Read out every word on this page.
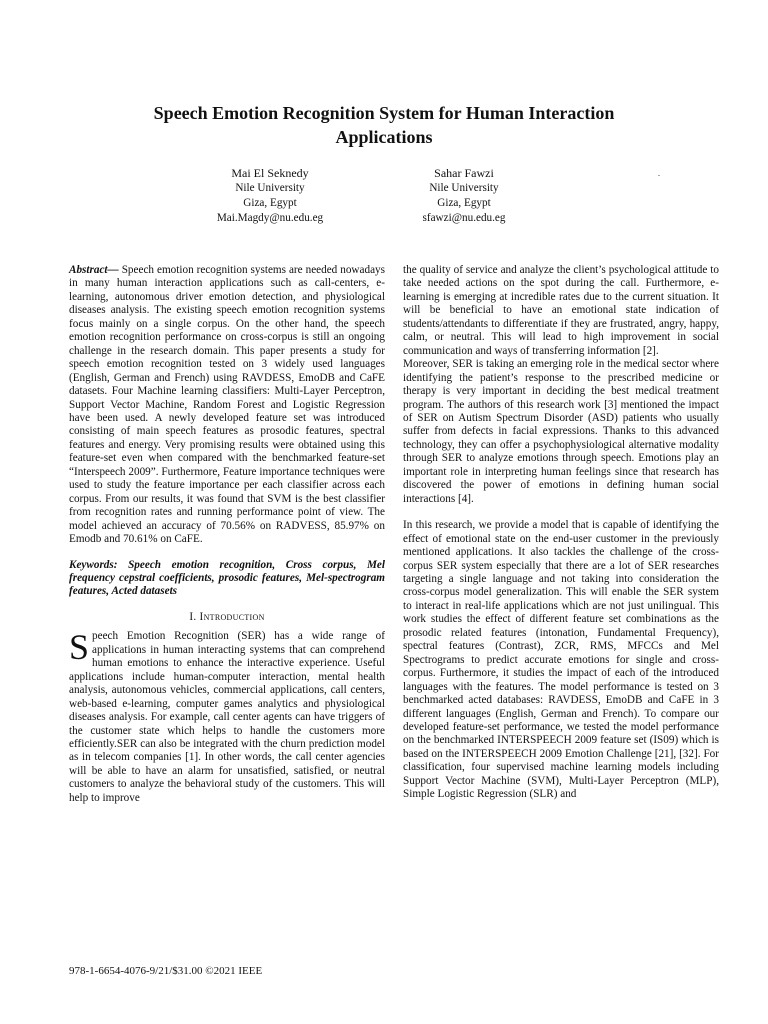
Speech Emotion Recognition System for Human Interaction
Applications
Mai El Seknedy
Nile University
Giza, Egypt
Mai.Magdy@nu.edu.eg
Sahar Fawzi
Nile University
Giza, Egypt
sfawzi@nu.edu.eg
.

Abstract— Speech emotion recognition systems are needed nowadays in many human interaction applications such as call-centers, e-learning, autonomous driver emotion detection, and physiological diseases analysis. The existing speech emotion recognition systems focus mainly on a single corpus. On the other hand, the speech emotion recognition performance on cross-corpus is still an ongoing challenge in the research domain. This paper presents a study for speech emotion recognition tested on 3 widely used languages (English, German and French) using RAVDESS, EmoDB and CaFE datasets. Four Machine learning classifiers: Multi-Layer Perceptron, Support Vector Machine, Random Forest and Logistic Regression have been used. A newly developed feature set was introduced consisting of main speech features as prosodic features, spectral features and energy. Very promising results were obtained using this feature-set even when compared with the benchmarked feature-set “Interspeech 2009”. Furthermore, Feature importance techniques were used to study the feature importance per each classifier across each corpus. From our results, it was found that SVM is the best classifier from recognition rates and running performance point of view. The model achieved an accuracy of 70.56% on RADVESS, 85.97% on Emodb and 70.61% on CaFE.

Keywords: Speech emotion recognition, Cross corpus, Mel frequency cepstral coefficients, prosodic features, Mel-spectrogram features, Acted datasets

I. Introduction

Speech Emotion Recognition (SER) has a wide range of applications in human interacting systems that can comprehend human emotions to enhance the interactive experience. Useful applications include human-computer interaction, mental health analysis, autonomous vehicles, commercial applications, call centers, web-based e-learning, computer games analytics and physiological diseases analysis. For example, call center agents can have triggers of the customer state which helps to handle the customers more efficiently.SER can also be integrated with the churn prediction model as in telecom companies [1]. In other words, the call center agencies will be able to have an alarm for unsatisfied, satisfied, or neutral customers to analyze the behavioral study of the customers. This will help to improve

the quality of service and analyze the client’s psychological attitude to take needed actions on the spot during the call. Furthermore, e-learning is emerging at incredible rates due to the current situation. It will be beneficial to have an emotional state indication of students/attendants to differentiate if they are frustrated, angry, happy, calm, or neutral. This will lead to high improvement in social communication and ways of transferring information [2].

Moreover, SER is taking an emerging role in the medical sector where identifying the patient’s response to the prescribed medicine or therapy is very important in deciding the best medical treatment program. The authors of this research work [3] mentioned the impact of SER on Autism Spectrum Disorder (ASD) patients who usually suffer from defects in facial expressions. Thanks to this advanced technology, they can offer a psychophysiological alternative modality through SER to analyze emotions through speech. Emotions play an important role in interpreting human feelings since that research has discovered the power of emotions in defining human social interactions [4].

In this research, we provide a model that is capable of identifying the effect of emotional state on the end-user customer in the previously mentioned applications. It also tackles the challenge of the cross-corpus SER system especially that there are a lot of SER researches targeting a single language and not taking into consideration the cross-corpus model generalization. This will enable the SER system to interact in real-life applications which are not just unilingual. This work studies the effect of different feature set combinations as the prosodic related features (intonation, Fundamental Frequency), spectral features (Contrast), ZCR, RMS, MFCCs and Mel Spectrograms to predict accurate emotions for single and cross-corpus. Furthermore, it studies the impact of each of the introduced languages with the features. The model performance is tested on 3 benchmarked acted databases: RAVDESS, EmoDB and CaFE in 3 different languages (English, German and French). To compare our developed feature-set performance, we tested the model performance on the benchmarked INTERSPEECH 2009 feature set (IS09) which is based on the INTERSPEECH 2009 Emotion Challenge [21], [32]. For classification, four supervised machine learning models including Support Vector Machine (SVM), Multi-Layer Perceptron (MLP), Simple Logistic Regression (SLR) and

978-1-6654-4076-9/21/$31.00 ©2021 IEEE
